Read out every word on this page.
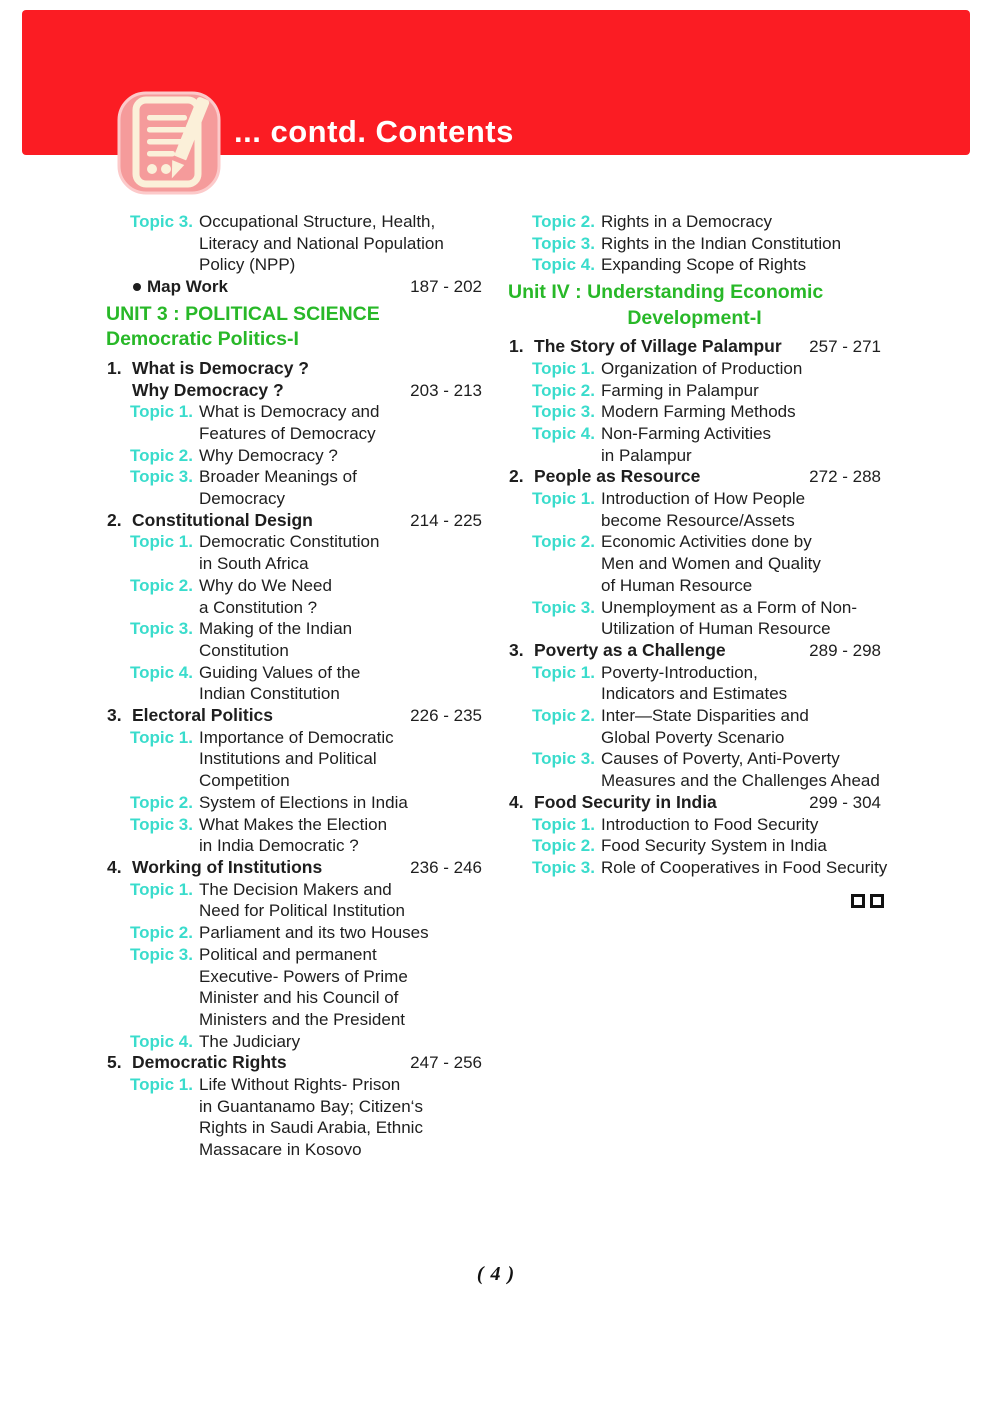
... contd. Contents
Topic 3. Occupational Structure, Health,
Literacy and National Population
Policy (NPP)
Map Work	187 - 202
UNIT 3 : POLITICAL SCIENCE
Democratic Politics-I
1. What is Democracy ?
Why Democracy ?	203 - 213
Topic 1. What is Democracy and
Features of Democracy
Topic 2. Why Democracy ?
Topic 3. Broader Meanings of
Democracy
2. Constitutional Design	214 - 225
Topic 1. Democratic Constitution
in South Africa
Topic 2. Why do We Need
a Constitution ?
Topic 3. Making of the Indian
Constitution
Topic 4. Guiding Values of the
Indian Constitution
3. Electoral Politics	226 - 235
Topic 1. Importance of Democratic
Institutions and Political
Competition
Topic 2. System of Elections in India
Topic 3. What Makes the Election
in India Democratic ?
4. Working of Institutions	236 - 246
Topic 1. The Decision Makers and
Need for Political Institution
Topic 2. Parliament and its two Houses
Topic 3. Political and permanent
Executive- Powers of Prime
Minister and his Council of
Ministers and the President
Topic 4. The Judiciary
5. Democratic Rights	247 - 256
Topic 1. Life Without Rights- Prison
in Guantanamo Bay; Citizen‘s
Rights in Saudi Arabia, Ethnic
Massacare in Kosovo
Topic 2. Rights in a Democracy
Topic 3. Rights in the Indian Constitution
Topic 4. Expanding Scope of Rights
Unit IV : Understanding Economic
Development-I
1. The Story of Village Palampur 257 - 271
Topic 1. Organization of Production
Topic 2. Farming in Palampur
Topic 3. Modern Farming Methods
Topic 4. Non-Farming Activities
in Palampur
2. People as Resource	272 - 288
Topic 1. Introduction of How People
become Resource/Assets
Topic 2. Economic Activities done by
Men and Women and Quality
of Human Resource
Topic 3. Unemployment as a Form of Non-
Utilization of Human Resource
3. Poverty as a Challenge	289 - 298
Topic 1. Poverty-Introduction,
Indicators and Estimates
Topic 2. Inter—State Disparities and
Global Poverty Scenario
Topic 3. Causes of Poverty, Anti-Poverty
Measures and the Challenges Ahead
4. Food Security in India	299 - 304
Topic 1. Introduction to Food Security
Topic 2. Food Security System in India
Topic 3. Role of Cooperatives in Food Security
( 4 )
